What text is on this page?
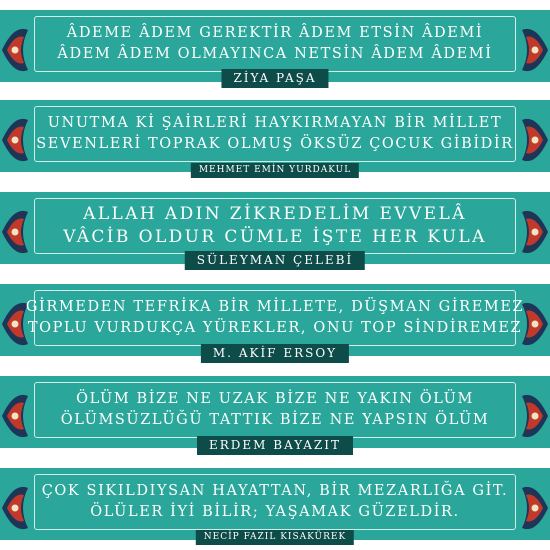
ÂDEME ÂDEM GEREKTİR ÂDEM ETSİN ÂDEMİ
ÂDEM ÂDEM OLMAYINCA NETSİN ÂDEM ÂDEMİ
ZİYA PAŞA
UNUTMA Kİ ŞAİRLERİ HAYKIRMAYAN BİR MİLLET
SEVENLERİ TOPRAK OLMUŞ ÖKSÜZ ÇOCUK GİBİDİR
MEHMET EMİN YURDAKUL
ALLAH ADIN ZİKREDELİM EVVELÂ
VÂCİB OLDUR CÜMLE İŞTE HER KULA
SÜLEYMAN ÇELEBİ
GİRMEDEN TEFRİKA BİR MİLLETE, DÜŞMAN GİREMEZ
TOPLU VURDUKÇA YÜREKLER, ONU TOP SİNDİREMEZ
M. AKİF ERSOY
ÖLÜM BİZE NE UZAK BİZE NE YAKIN ÖLÜM
ÖLÜMSÜZLÜĞÜ TATTIK BİZE NE YAPSIN ÖLÜM
ERDEM BAYAZIT
ÇOK SIKILDIYSAN HAYATTAN, BİR MEZARLIĞA GİT.
ÖLÜLER İYİ BİLİR; YAŞAMAK GÜZELDİR.
NECİP FAZIL KISAKÜREK
